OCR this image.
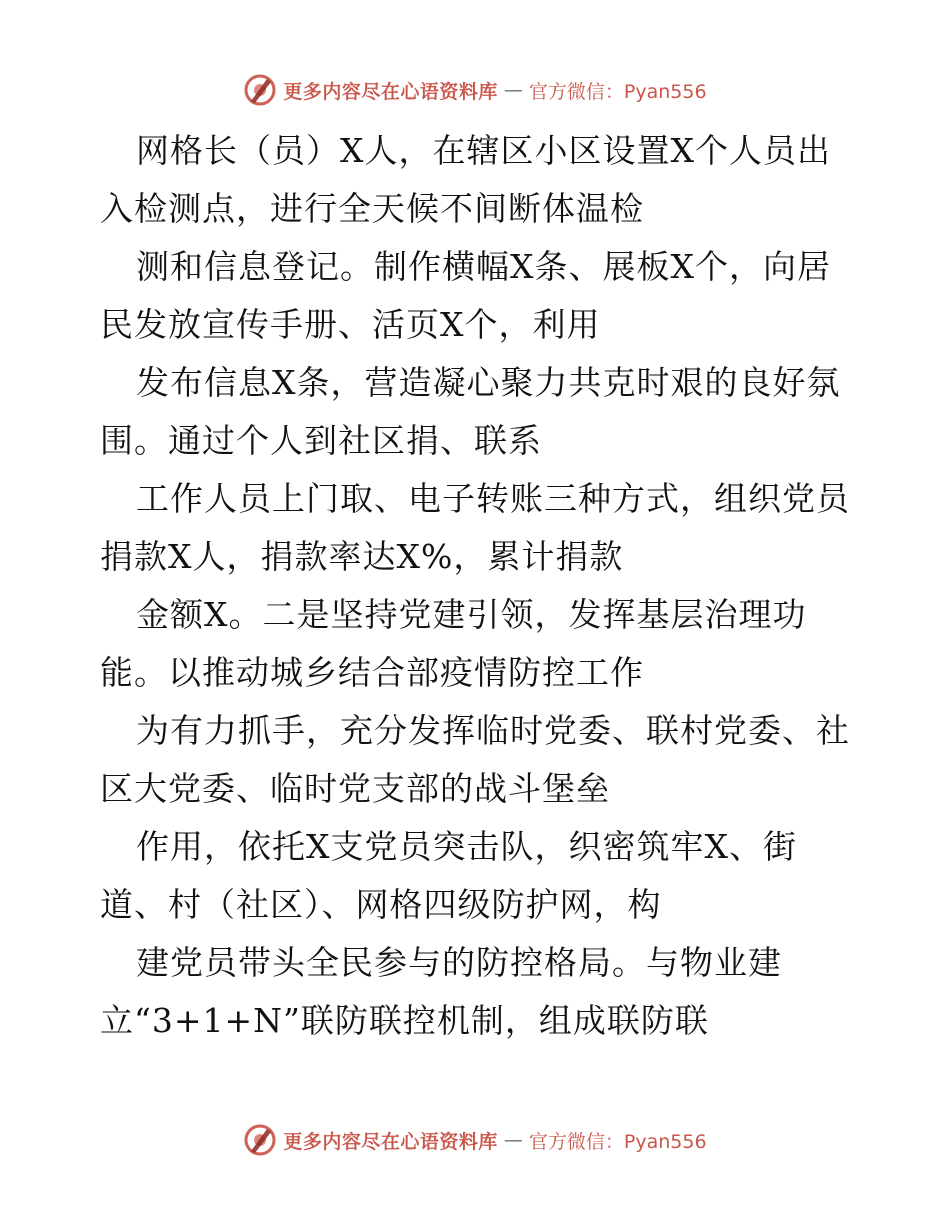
更多内容尽在心语资料库 — 官方微信：Pyan556
网格长（员）X人，在辖区小区设置X个人员出
入检测点，进行全天候不间断体温检
测和信息登记。制作横幅X条、展板X个，向居
民发放宣传手册、活页X个，利用
发布信息X条，营造凝心聚力共克时艰的良好氛
围。通过个人到社区捐、联系
工作人员上门取、电子转账三种方式，组织党员
捐款X人，捐款率达X%，累计捐款
金额X。二是坚持党建引领，发挥基层治理功
能。以推动城乡结合部疫情防控工作
为有力抓手，充分发挥临时党委、联村党委、社
区大党委、临时党支部的战斗堡垒
作用，依托X支党员突击队，织密筑牢X、街
道、村（社区）、网格四级防护网，构
建党员带头全民参与的防控格局。与物业建
立“3+1+N”联防联控机制，组成联防联
更多内容尽在心语资料库 — 官方微信：Pyan556
